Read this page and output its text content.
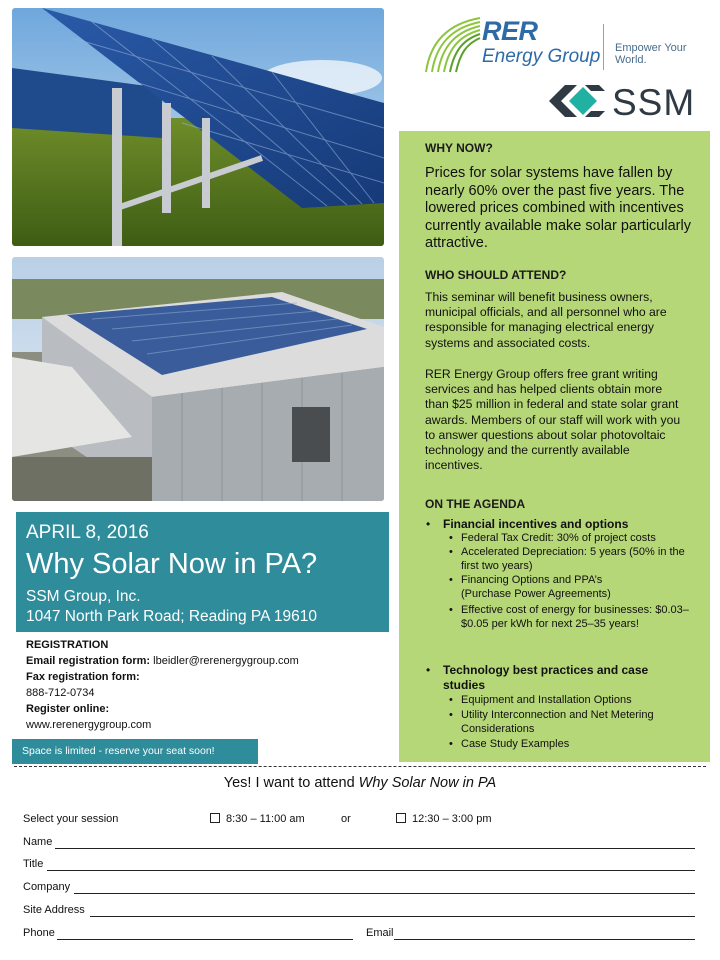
RER
Energy Group Empower Your World.
SSM
WHY NOW?
Prices for solar systems have fallen by nearly 60% over the past five years. The lowered prices combined with incentives currently available make solar particularly attractive.
WHO SHOULD ATTEND?
This seminar will benefit business owners, municipal officials, and all personnel who are responsible for managing electrical energy systems and associated costs.
RER Energy Group offers free grant writing services and has helped clients obtain more than $25 million in federal and state solar grant awards. Members of our staff will work with you to answer questions about solar photovoltaic technology and the currently available incentives.
ON THE AGENDA
• Financial incentives and options
• Federal Tax Credit: 30% of project costs
• Accelerated Depreciation: 5 years (50% in the first two years)
• Financing Options and PPA’s (Purchase Power Agreements)
• Effective cost of energy for businesses: $0.03–$0.05 per kWh for next 25–35 years!
• Technology best practices and case studies
• Equipment and Installation Options
• Utility Interconnection and Net Metering Considerations
• Case Study Examples
APRIL 8, 2016
Why Solar Now in PA?
SSM Group, Inc.
1047 North Park Road; Reading PA 19610
REGISTRATION
Email registration form: lbeidler@rerenergygroup.com
Fax registration form:
888-712-0734
Register online:
www.rerenergygroup.com
Space is limited - reserve your seat soon!
Yes! I want to attend Why Solar Now in PA
Select your session	8:30 – 11:00 am	or	12:30 – 3:00 pm
Name
Title
Company
Site Address
Phone	Email
